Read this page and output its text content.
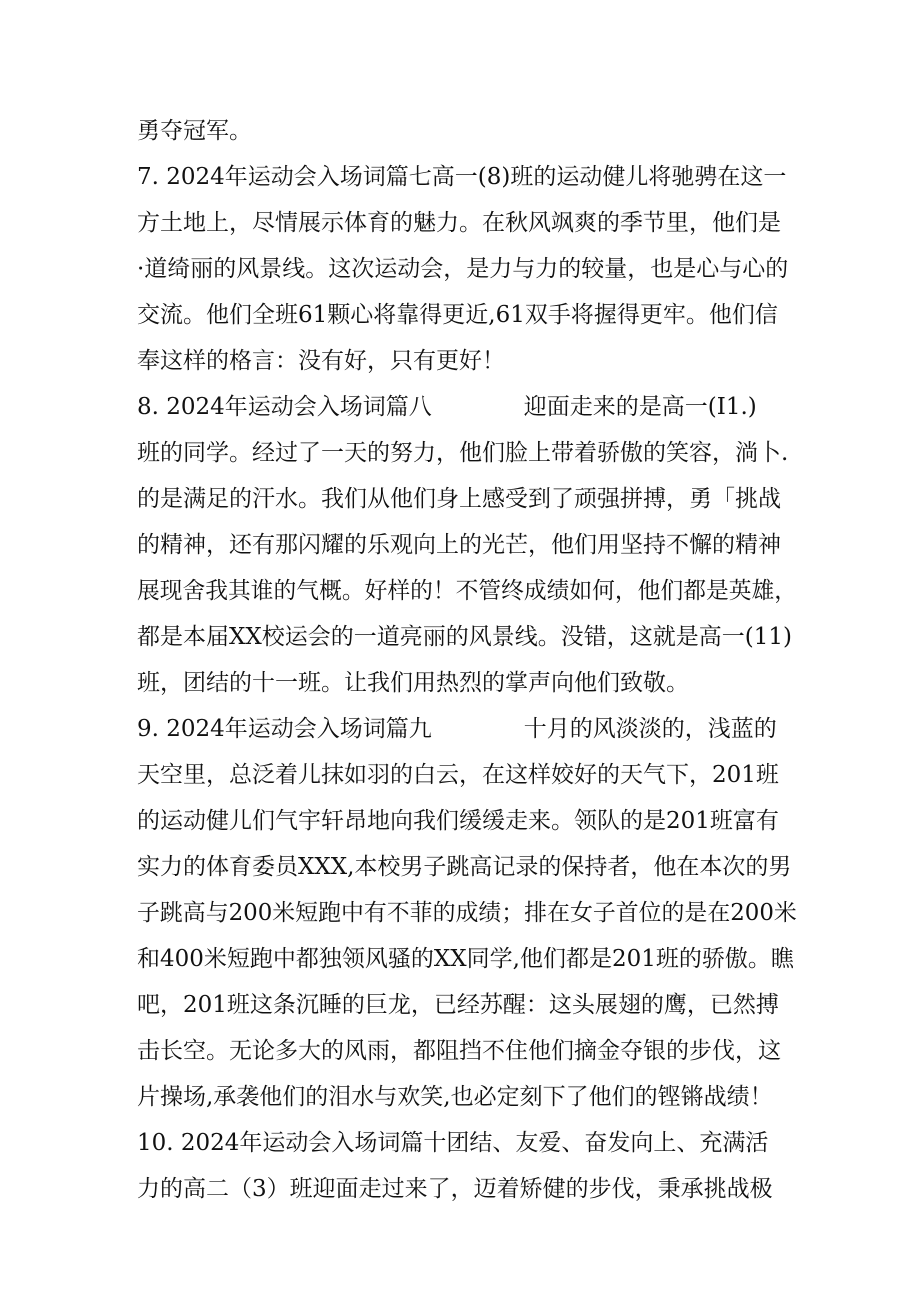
勇夺冠军。
7. 2024年运动会入场词篇七高一(8)班的运动健儿将驰骋在这一
方土地上，尽情展示体育的魅力。在秋风飒爽的季节里，他们是
·道绮丽的风景线。这次运动会，是力与力的较量，也是心与心的
交流。他们全班61颗心将靠得更近,61双手将握得更牢。他们信
奉这样的格言：没有好，只有更好！
8. 2024年运动会入场词篇八　　　　迎面走来的是高一(I1.)
班的同学。经过了一天的努力，他们脸上带着骄傲的笑容，淌卜.
的是满足的汗水。我们从他们身上感受到了顽强拼搏，勇「挑战
的精神，还有那闪耀的乐观向上的光芒，他们用坚持不懈的精神
展现舍我其谁的气概。好样的！不管终成绩如何，他们都是英雄，
都是本届XX校运会的一道亮丽的风景线。没错，这就是高一(11)
班，团结的十一班。让我们用热烈的掌声向他们致敬。
9. 2024年运动会入场词篇九　　　　十月的风淡淡的，浅蓝的
天空里，总泛着儿抹如羽的白云，在这样姣好的天气下，201班
的运动健儿们气宇轩昂地向我们缓缓走来。领队的是201班富有
实力的体育委员XXX,本校男子跳高记录的保持者，他在本次的男
子跳高与200米短跑中有不菲的成绩；排在女子首位的是在200米
和400米短跑中都独领风骚的XX同学,他们都是201班的骄傲。瞧
吧，201班这条沉睡的巨龙，已经苏醒：这头展翅的鹰，已然搏
击长空。无论多大的风雨，都阻挡不住他们摘金夺银的步伐，这
片操场,承袭他们的泪水与欢笑,也必定刻下了他们的铿锵战绩！
10. 2024年运动会入场词篇十团结、友爱、奋发向上、充满活
力的高二（3）班迎面走过来了，迈着矫健的步伐，秉承挑战极
